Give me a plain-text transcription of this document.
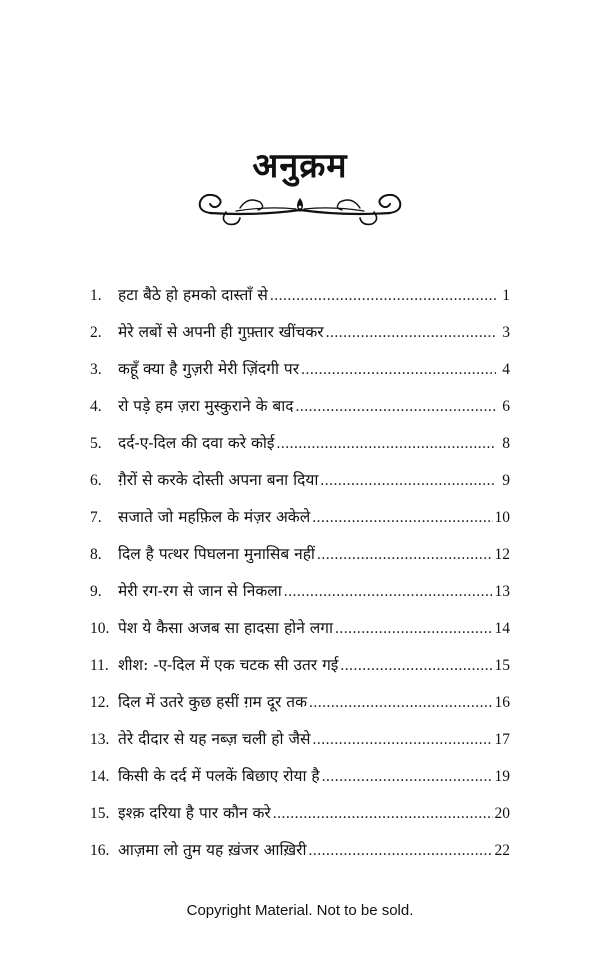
अनुक्रम
1.	हटा बैठे हो हमको दास्ताँ से .....	1
2.	मेरे लबों से अपनी ही गुफ़्तार खींचकर .....	3
3.	कहूँ क्या है गुज़री मेरी ज़िंदगी पर .....	4
4.	रो पड़े हम ज़रा मुस्कुराने के बाद .....	6
5.	दर्द-ए-दिल की दवा करे कोई .....	8
6.	ग़ैरों से करके दोस्ती अपना बना दिया .....	9
7.	सजाते जो महफ़िल के मंज़र अकेले .....	10
8.	दिल है पत्थर पिघलना मुनासिब नहीं .....	12
9.	मेरी रग-रग से जान से निकला .....	13
10. पेश ये कैसा अजब सा हादसा होने लगा .....	14
11. शीश: -ए-दिल में एक चटक सी उतर गई .....	15
12. दिल में उतरे कुछ हसीं ग़म दूर तक .....	16
13. तेरे दीदार से यह नब्ज़ चली हो जैसे .....	17
14. किसी के दर्द में पलकें बिछाए रोया है .....	19
15. इश्क़ दरिया है पार कौन करे .....	20
16. आज़मा लो तुम यह ख़ंजर आख़िरी .....	22
Copyright Material. Not to be sold.
